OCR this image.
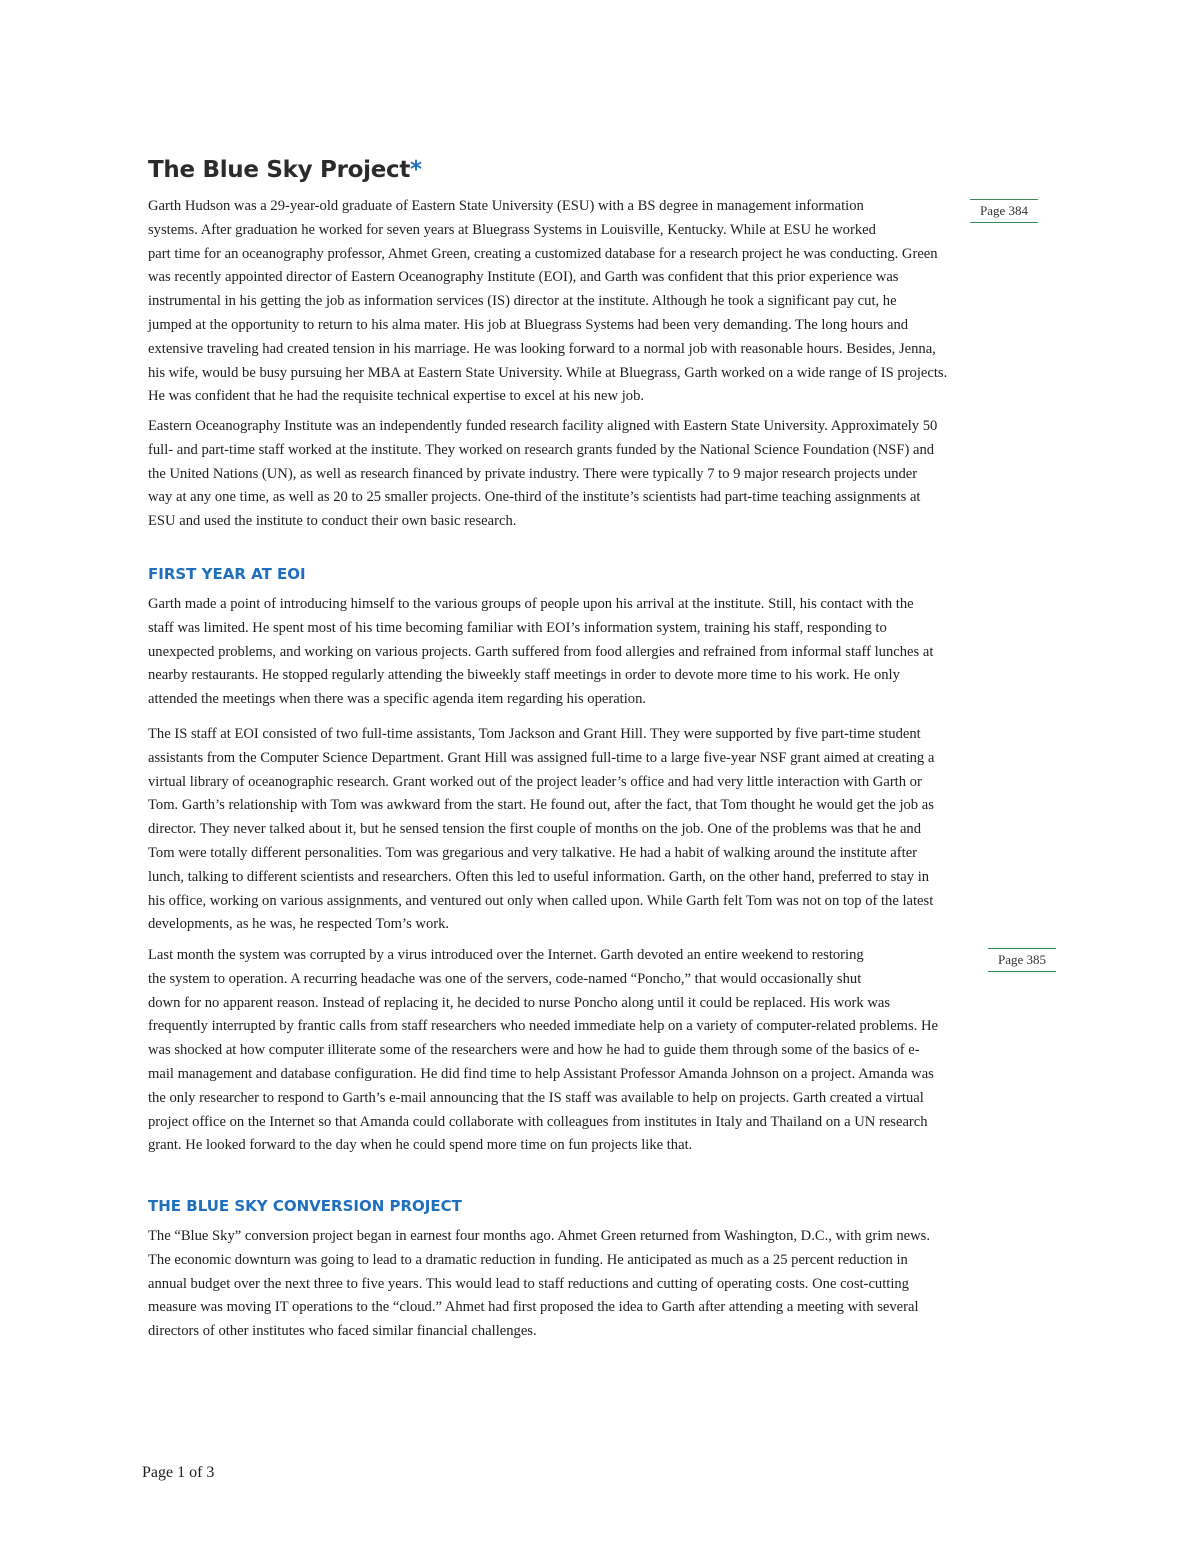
The Blue Sky Project*
Page 384

Garth Hudson was a 29-year-old graduate of Eastern State University (ESU) with a BS degree in management information
systems. After graduation he worked for seven years at Bluegrass Systems in Louisville, Kentucky. While at ESU he worked
part time for an oceanography professor, Ahmet Green, creating a customized database for a research project he was conducting. Green
was recently appointed director of Eastern Oceanography Institute (EOI), and Garth was confident that this prior experience was
instrumental in his getting the job as information services (IS) director at the institute. Although he took a significant pay cut, he
jumped at the opportunity to return to his alma mater. His job at Bluegrass Systems had been very demanding. The long hours and
extensive traveling had created tension in his marriage. He was looking forward to a normal job with reasonable hours. Besides, Jenna,
his wife, would be busy pursuing her MBA at Eastern State University. While at Bluegrass, Garth worked on a wide range of IS projects.
He was confident that he had the requisite technical expertise to excel at his new job.

Eastern Oceanography Institute was an independently funded research facility aligned with Eastern State University. Approximately 50
full- and part-time staff worked at the institute. They worked on research grants funded by the National Science Foundation (NSF) and
the United Nations (UN), as well as research financed by private industry. There were typically 7 to 9 major research projects under
way at any one time, as well as 20 to 25 smaller projects. One-third of the institute’s scientists had part-time teaching assignments at
ESU and used the institute to conduct their own basic research.

FIRST YEAR AT EOI

Garth made a point of introducing himself to the various groups of people upon his arrival at the institute. Still, his contact with the
staff was limited. He spent most of his time becoming familiar with EOI’s information system, training his staff, responding to
unexpected problems, and working on various projects. Garth suffered from food allergies and refrained from informal staff lunches at
nearby restaurants. He stopped regularly attending the biweekly staff meetings in order to devote more time to his work. He only
attended the meetings when there was a specific agenda item regarding his operation.

The IS staff at EOI consisted of two full-time assistants, Tom Jackson and Grant Hill. They were supported by five part-time student
assistants from the Computer Science Department. Grant Hill was assigned full-time to a large five-year NSF grant aimed at creating a
virtual library of oceanographic research. Grant worked out of the project leader’s office and had very little interaction with Garth or
Tom. Garth’s relationship with Tom was awkward from the start. He found out, after the fact, that Tom thought he would get the job as
director. They never talked about it, but he sensed tension the first couple of months on the job. One of the problems was that he and
Tom were totally different personalities. Tom was gregarious and very talkative. He had a habit of walking around the institute after
lunch, talking to different scientists and researchers. Often this led to useful information. Garth, on the other hand, preferred to stay in
his office, working on various assignments, and ventured out only when called upon. While Garth felt Tom was not on top of the latest
developments, as he was, he respected Tom’s work.

Page 385

Last month the system was corrupted by a virus introduced over the Internet. Garth devoted an entire weekend to restoring
the system to operation. A recurring headache was one of the servers, code-named “Poncho,” that would occasionally shut
down for no apparent reason. Instead of replacing it, he decided to nurse Poncho along until it could be replaced. His work was
frequently interrupted by frantic calls from staff researchers who needed immediate help on a variety of computer-related problems. He
was shocked at how computer illiterate some of the researchers were and how he had to guide them through some of the basics of e-
mail management and database configuration. He did find time to help Assistant Professor Amanda Johnson on a project. Amanda was
the only researcher to respond to Garth’s e-mail announcing that the IS staff was available to help on projects. Garth created a virtual
project office on the Internet so that Amanda could collaborate with colleagues from institutes in Italy and Thailand on a UN research
grant. He looked forward to the day when he could spend more time on fun projects like that.

THE BLUE SKY CONVERSION PROJECT

The “Blue Sky” conversion project began in earnest four months ago. Ahmet Green returned from Washington, D.C., with grim news.
The economic downturn was going to lead to a dramatic reduction in funding. He anticipated as much as a 25 percent reduction in
annual budget over the next three to five years. This would lead to staff reductions and cutting of operating costs. One cost-cutting
measure was moving IT operations to the “cloud.” Ahmet had first proposed the idea to Garth after attending a meeting with several
directors of other institutes who faced similar financial challenges.

Page 1 of 3
